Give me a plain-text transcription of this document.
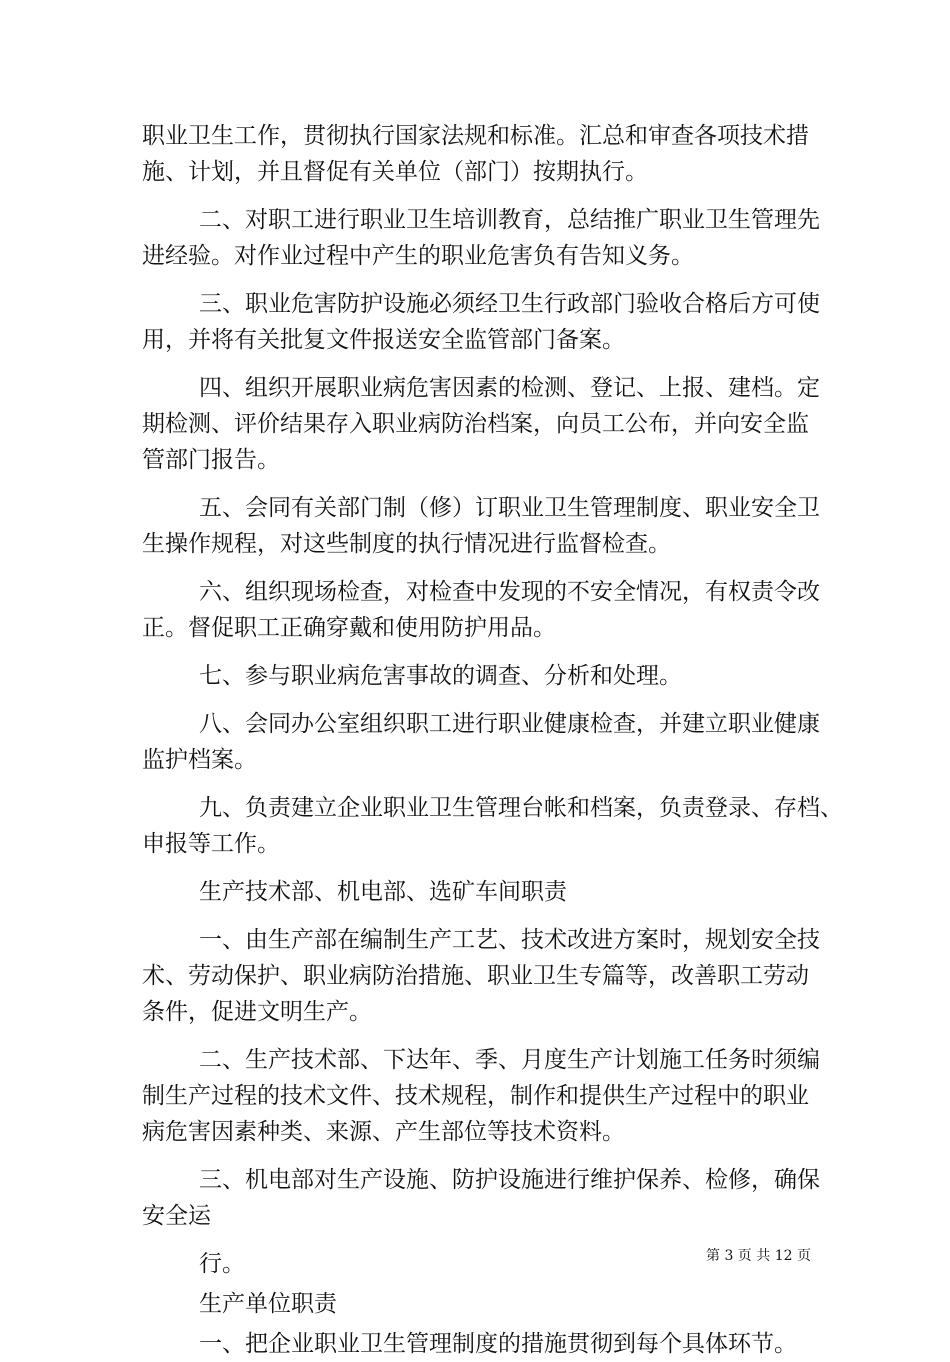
职业卫生工作，贯彻执行国家法规和标准。汇总和审查各项技术措

施、计划，并且督促有关单位（部门）按期执行。

二、对职工进行职业卫生培训教育，总结推广职业卫生管理先

进经验。对作业过程中产生的职业危害负有告知义务。

三、职业危害防护设施必须经卫生行政部门验收合格后方可使

用，并将有关批复文件报送安全监管部门备案。

四、组织开展职业病危害因素的检测、登记、上报、建档。定

期检测、评价结果存入职业病防治档案，向员工公布，并向安全监

管部门报告。

五、会同有关部门制（修）订职业卫生管理制度、职业安全卫

生操作规程，对这些制度的执行情况进行监督检查。

六、组织现场检查，对检查中发现的不安全情况，有权责令改

正。督促职工正确穿戴和使用防护用品。

七、参与职业病危害事故的调查、分析和处理。

八、会同办公室组织职工进行职业健康检查，并建立职业健康

监护档案。

九、负责建立企业职业卫生管理台帐和档案，负责登录、存档、

申报等工作。

生产技术部、机电部、选矿车间职责

一、由生产部在编制生产工艺、技术改进方案时，规划安全技

术、劳动保护、职业病防治措施、职业卫生专篇等，改善职工劳动

条件，促进文明生产。

二、生产技术部、下达年、季、月度生产计划施工任务时须编

制生产过程的技术文件、技术规程，制作和提供生产过程中的职业

病危害因素种类、来源、产生部位等技术资料。

三、机电部对生产设施、防护设施进行维护保养、检修，确保

安全运

行。

生产单位职责

一、把企业职业卫生管理制度的措施贯彻到每个具体环节。

第 3 页 共 12 页
